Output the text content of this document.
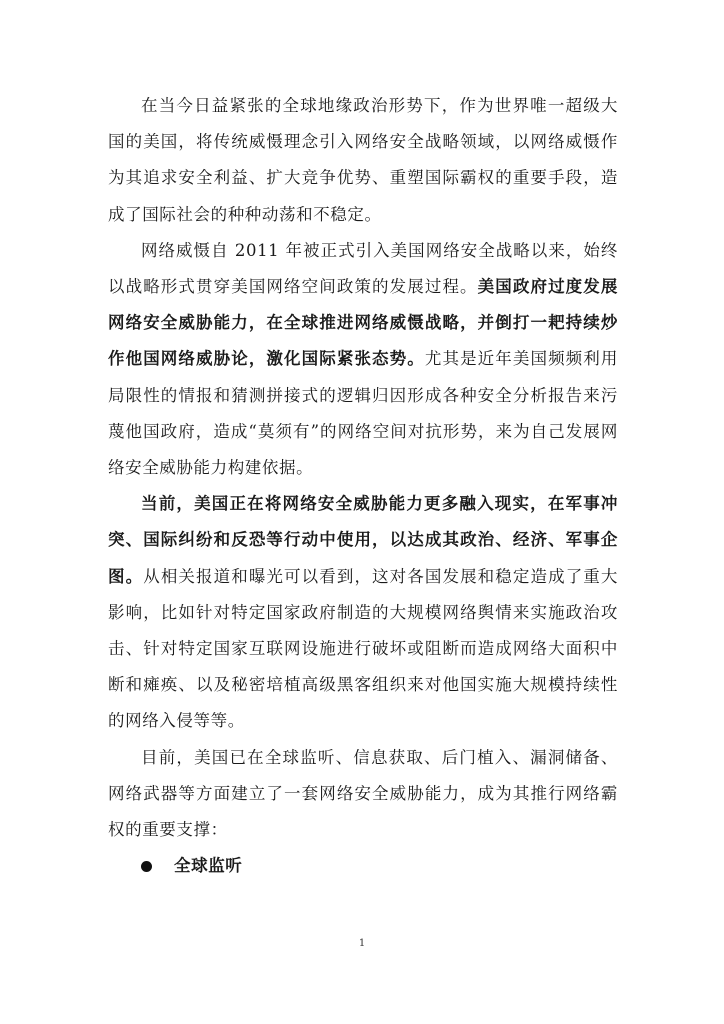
在当今日益紧张的全球地缘政治形势下，作为世界唯一超级大国的美国，将传统威慑理念引入网络安全战略领域，以网络威慑作为其追求安全利益、扩大竞争优势、重塑国际霸权的重要手段，造成了国际社会的种种动荡和不稳定。

网络威慑自 2011 年被正式引入美国网络安全战略以来，始终以战略形式贯穿美国网络空间政策的发展过程。美国政府过度发展网络安全威胁能力，在全球推进网络威慑战略，并倒打一耙持续炒作他国网络威胁论，激化国际紧张态势。尤其是近年美国频频利用局限性的情报和猜测拼接式的逻辑归因形成各种安全分析报告来污蔑他国政府，造成“莫须有”的网络空间对抗形势，来为自己发展网络安全威胁能力构建依据。

当前，美国正在将网络安全威胁能力更多融入现实，在军事冲突、国际纠纷和反恐等行动中使用，以达成其政治、经济、军事企图。从相关报道和曝光可以看到，这对各国发展和稳定造成了重大影响，比如针对特定国家政府制造的大规模网络舆情来实施政治攻击、针对特定国家互联网设施进行破坏或阻断而造成网络大面积中断和瘫痪、以及秘密培植高级黑客组织来对他国实施大规模持续性的网络入侵等等。

目前，美国已在全球监听、信息获取、后门植入、漏洞储备、网络武器等方面建立了一套网络安全威胁能力，成为其推行网络霸权的重要支撑：

全球监听
1
